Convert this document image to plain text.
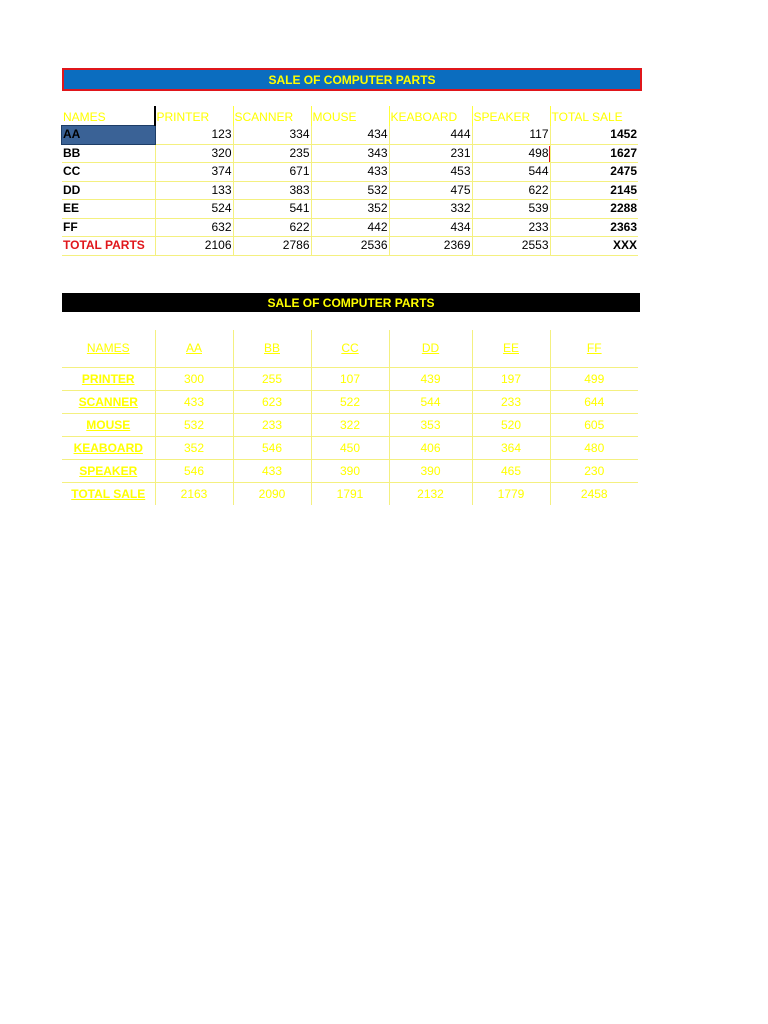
SALE OF COMPUTER PARTS
NAMES	PRINTER	SCANNER	MOUSE	KEABOARD	SPEAKER	TOTAL SALE
AA	123	334	434	444	117	1452
BB	320	235	343	231	498	1627
CC	374	671	433	453	544	2475
DD	133	383	532	475	622	2145
EE	524	541	352	332	539	2288
FF	632	622	442	434	233	2363
TOTAL PARTS	2106	2786	2536	2369	2553	XXX
SALE OF COMPUTER PARTS
NAMES	AA	BB	CC	DD	EE	FF
PRINTER	300	255	107	439	197	499
SCANNER	433	623	522	544	233	644
MOUSE	532	233	322	353	520	605
KEABOARD	352	546	450	406	364	480
SPEAKER	546	433	390	390	465	230
TOTAL SALE	2163	2090	1791	2132	1779	2458
